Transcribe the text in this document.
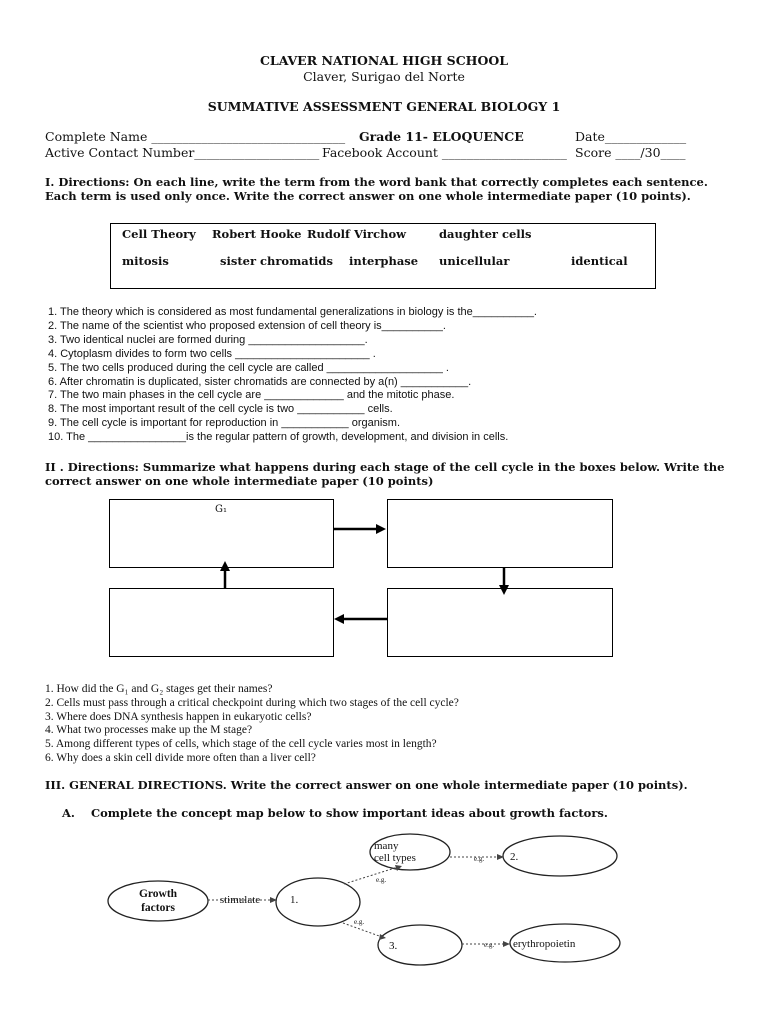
CLAVER NATIONAL HIGH SCHOOL
Claver, Surigao del Norte
SUMMATIVE ASSESSMENT GENERAL BIOLOGY 1
Complete Name _______________________________ Grade 11- ELOQUENCE	Date_____________
Active Contact Number____________________ Facebook Account ____________________ Score ____/30____
I. Directions: On each line, write the term from the word bank that correctly completes each sentence. Each term is used only once. Write the correct answer on one whole intermediate paper (10 points).
Cell Theory Robert Hooke Rudolf Virchow	daughter cells
mitosis	sister chromatids interphase unicellular	identical
1. The theory which is considered as most fundamental generalizations in biology is the__________.
2. The name of the scientist who proposed extension of cell theory is__________.
3. Two identical nuclei are formed during ___________________.
4. Cytoplasm divides to form two cells ______________________ .
5. The two cells produced during the cell cycle are called ___________________ .
6. After chromatin is duplicated, sister chromatids are connected by a(n) ___________.
7. The two main phases in the cell cycle are _____________ and the mitotic phase.
8. The most important result of the cell cycle is two ___________ cells.
9. The cell cycle is important for reproduction in ___________ organism.
10. The ________________is the regular pattern of growth, development, and division in cells.
II . Directions: Summarize what happens during each stage of the cell cycle in the boxes below. Write the correct answer on one whole intermediate paper (10 points)
G₁
1. How did the G₁ and G₂ stages get their names?
2. Cells must pass through a critical checkpoint during which two stages of the cell cycle?
3. Where does DNA synthesis happen in eukaryotic cells?
4. What two processes make up the M stage?
5. Among different types of cells, which stage of the cell cycle varies most in length?
6. Why does a skin cell divide more often than a liver cell?
III. GENERAL DIRECTIONS. Write the correct answer on one whole intermediate paper (10 points).
A.    Complete the concept map below to show important ideas about growth factors.
Growth
factors
stimulate	1.
many
cell types	2.
3.	erythropoietin
e.g.
e.g.
e.g.
e.g.
